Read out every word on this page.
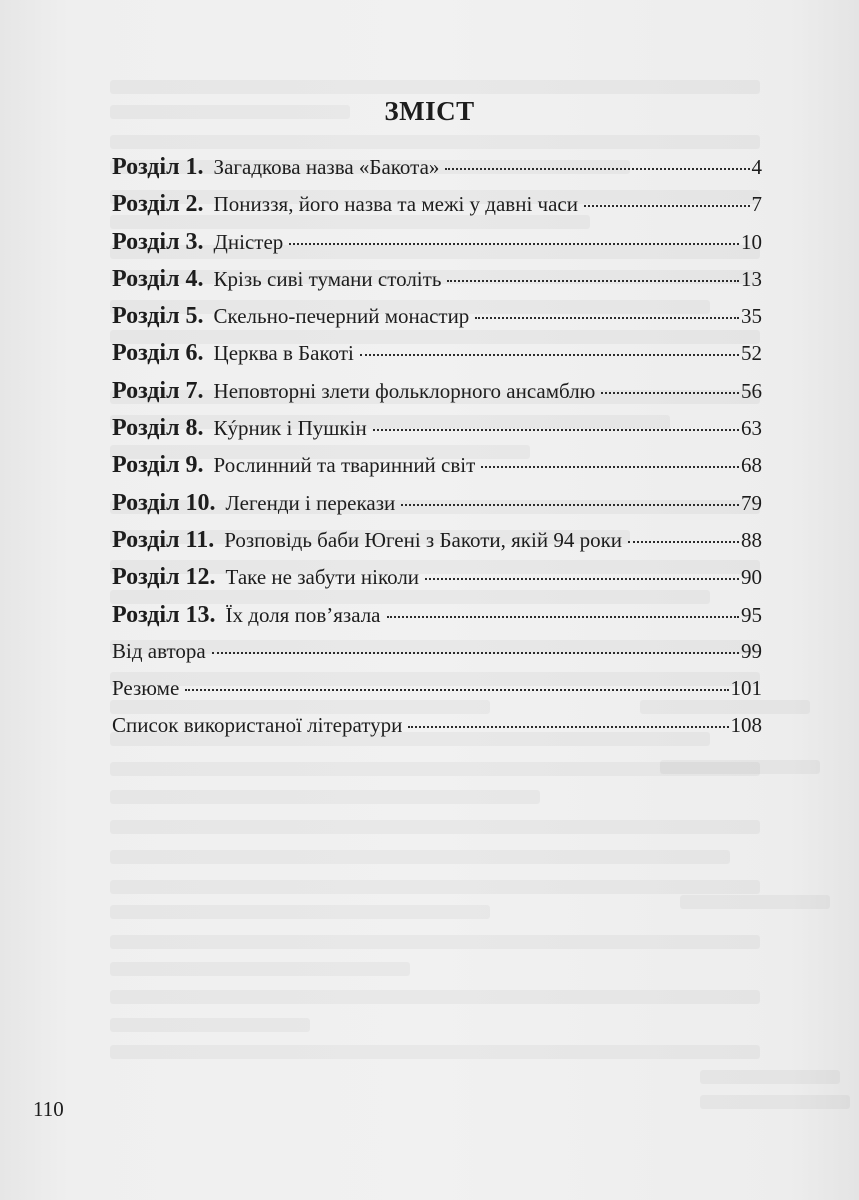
ЗМІСТ
Розділ 1. Загадкова назва «Бакота»	4
Розділ 2. Пониззя, його назва та межі у давні часи	7
Розділ 3. Дністер	10
Розділ 4. Крізь сиві тумани століть	13
Розділ 5. Скельно-печерний монастир	35
Розділ 6. Церква в Бакоті	52
Розділ 7. Неповторні злети фольклорного ансамблю	56
Розділ 8. Кýрник і Пушкін	63
Розділ 9. Рослинний та тваринний світ	68
Розділ 10. Легенди і перекази	79
Розділ 11. Розповідь баби Югені з Бакоти, якій 94 роки	88
Розділ 12. Таке не забути ніколи	90
Розділ 13. Їх доля пов’язала	95
Від автора	99
Резюме	101
Список використаної літератури	108
110
